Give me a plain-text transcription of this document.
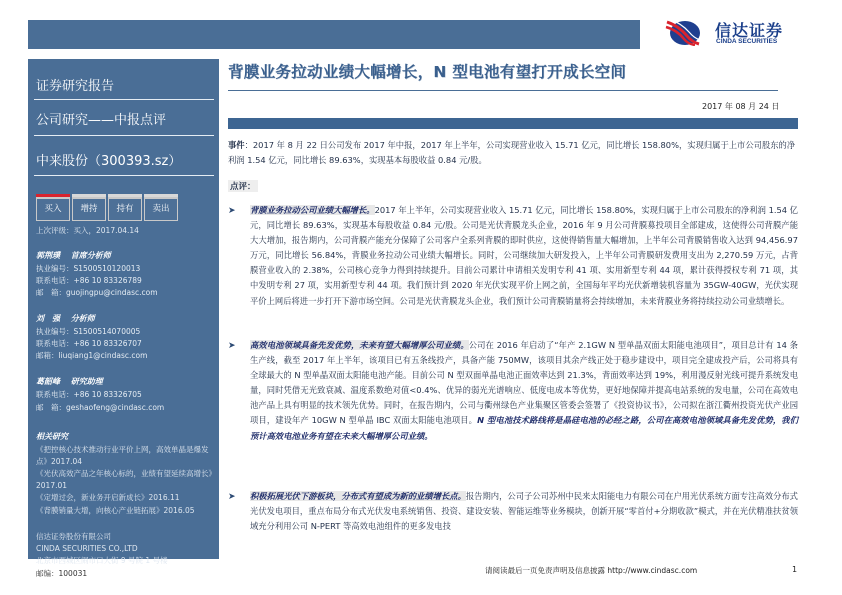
信达证券
CINDA SECURITIES
证券研究报告
公司研究——中报点评
中来股份（300393.sz）
买入	增持	持有	卖出
上次评级：买入，2017.04.14
郭荆璞　 首席分析师
执业编号：S1500510120013
联系电话：+86 10 83326789
邮　箱：guojingpu@cindasc.com
刘　强　 分析师
执业编号：S1500514070005
联系电话：+86 10 83326707
邮箱：liuqiang1@cindasc.com
葛韶峰　 研究助理
联系电话：+86 10 83326705
邮　箱：geshaofeng@cindasc.com
相关研究
《把控核心技术推动行业平价上网，高效单晶是爆发点》2017.04
《光伏高效产品之年核心标的，业绩有望延续高增长》2017.01
《定增过会，新业务开启新成长》2016.11
《背膜销量大增，向核心产业链拓展》2016.05
信达证券股份有限公司
CINDA SECURITIES CO.,LTD
北京市西城区闹市口大街 9 号院 1 号楼
邮编：100031
背膜业务拉动业绩大幅增长，N 型电池有望打开成长空间
2017 年 08 月 24 日
事件：2017 年 8 月 22 日公司发布 2017 年中报，2017 年上半年，公司实现营业收入 15.71 亿元，同比增长 158.80%，实现归属于上市公司股东的净利润 1.54 亿元，同比增长 89.63%，实现基本每股收益 0.84 元/股。
点评：
➤ 背膜业务拉动公司业绩大幅增长。2017 年上半年，公司实现营业收入 15.71 亿元，同比增长 158.80%，实现归属于上市公司股东的净利润 1.54 亿元，同比增长 89.63%，实现基本每股收益 0.84 元/股。公司是光伏背膜龙头企业，2016 年 9 月公司背膜募投项目全部建成，这使得公司背膜产能大大增加，报告期内，公司背膜产能充分保障了公司客户全系列背膜的即时供应，这使得销售量大幅增加，上半年公司背膜销售收入达到 94,456.97 万元，同比增长 56.84%，背膜业务拉动公司业绩大幅增长。同时，公司继续加大研发投入，上半年公司背膜研发费用支出为 2,270.59 万元，占背膜营业收入的 2.38%，公司核心竞争力得到持续提升。目前公司累计申请相关发明专利 41 项、实用新型专利 44 项，累计获得授权专利 71 项，其中发明专利 27 项，实用新型专利 44 项。我们预计到 2020 年光伏实现平价上网之前，全国每年平均光伏新增装机容量为 35GW-40GW，光伏实现平价上网后将进一步打开下游市场空间。公司是光伏背膜龙头企业，我们预计公司背膜销量将会持续增加，未来背膜业务将持续拉动公司业绩增长。
➤ 高效电池领域具备先发优势，未来有望大幅增厚公司业绩。公司在 2016 年启动了“年产 2.1GW N 型单晶双面太阳能电池项目”，项目总计有 14 条生产线，截至 2017 年上半年，该项目已有五条线投产，具备产能 750MW，该项目其余产线正处于稳步建设中，项目完全建成投产后，公司将具有全球最大的 N 型单晶双面太阳能电池产能。目前公司 N 型双面单晶电池正面效率达到 21.3%，背面效率达到 19%，利用漫反射光线可提升系统发电量，同时凭借无光致衰减、温度系数绝对值<0.4%、优异的弱光光谱响应、低度电成本等优势，更好地保障并提高电站系统的发电量，公司在高效电池产品上具有明显的技术领先优势。同时，在报告期内，公司与衢州绿色产业集聚区管委会签署了《投资协议书》，公司拟在浙江衢州投资光伏产业园项目，建设年产 10GW N 型单晶 IBC 双面太阳能电池项目。N 型电池技术路线将是晶硅电池的必经之路，公司在高效电池领域具备先发优势，我们预计高效电池业务有望在未来大幅增厚公司业绩。
➤ 积极拓展光伏下游板块，分布式有望成为新的业绩增长点。报告期内，公司子公司苏州中民来太阳能电力有限公司在户用光伏系统方面专注高效分布式光伏发电项目，重点布局分布式光伏发电系统销售、投资、建设安装、智能运维等业务模块，创新开展“零首付+分期收款”模式，并在光伏精准扶贫领域充分利用公司 N-PERT 等高效电池组件的更多发电技
请阅读最后一页免责声明及信息披露 http://www.cindasc.com	1
